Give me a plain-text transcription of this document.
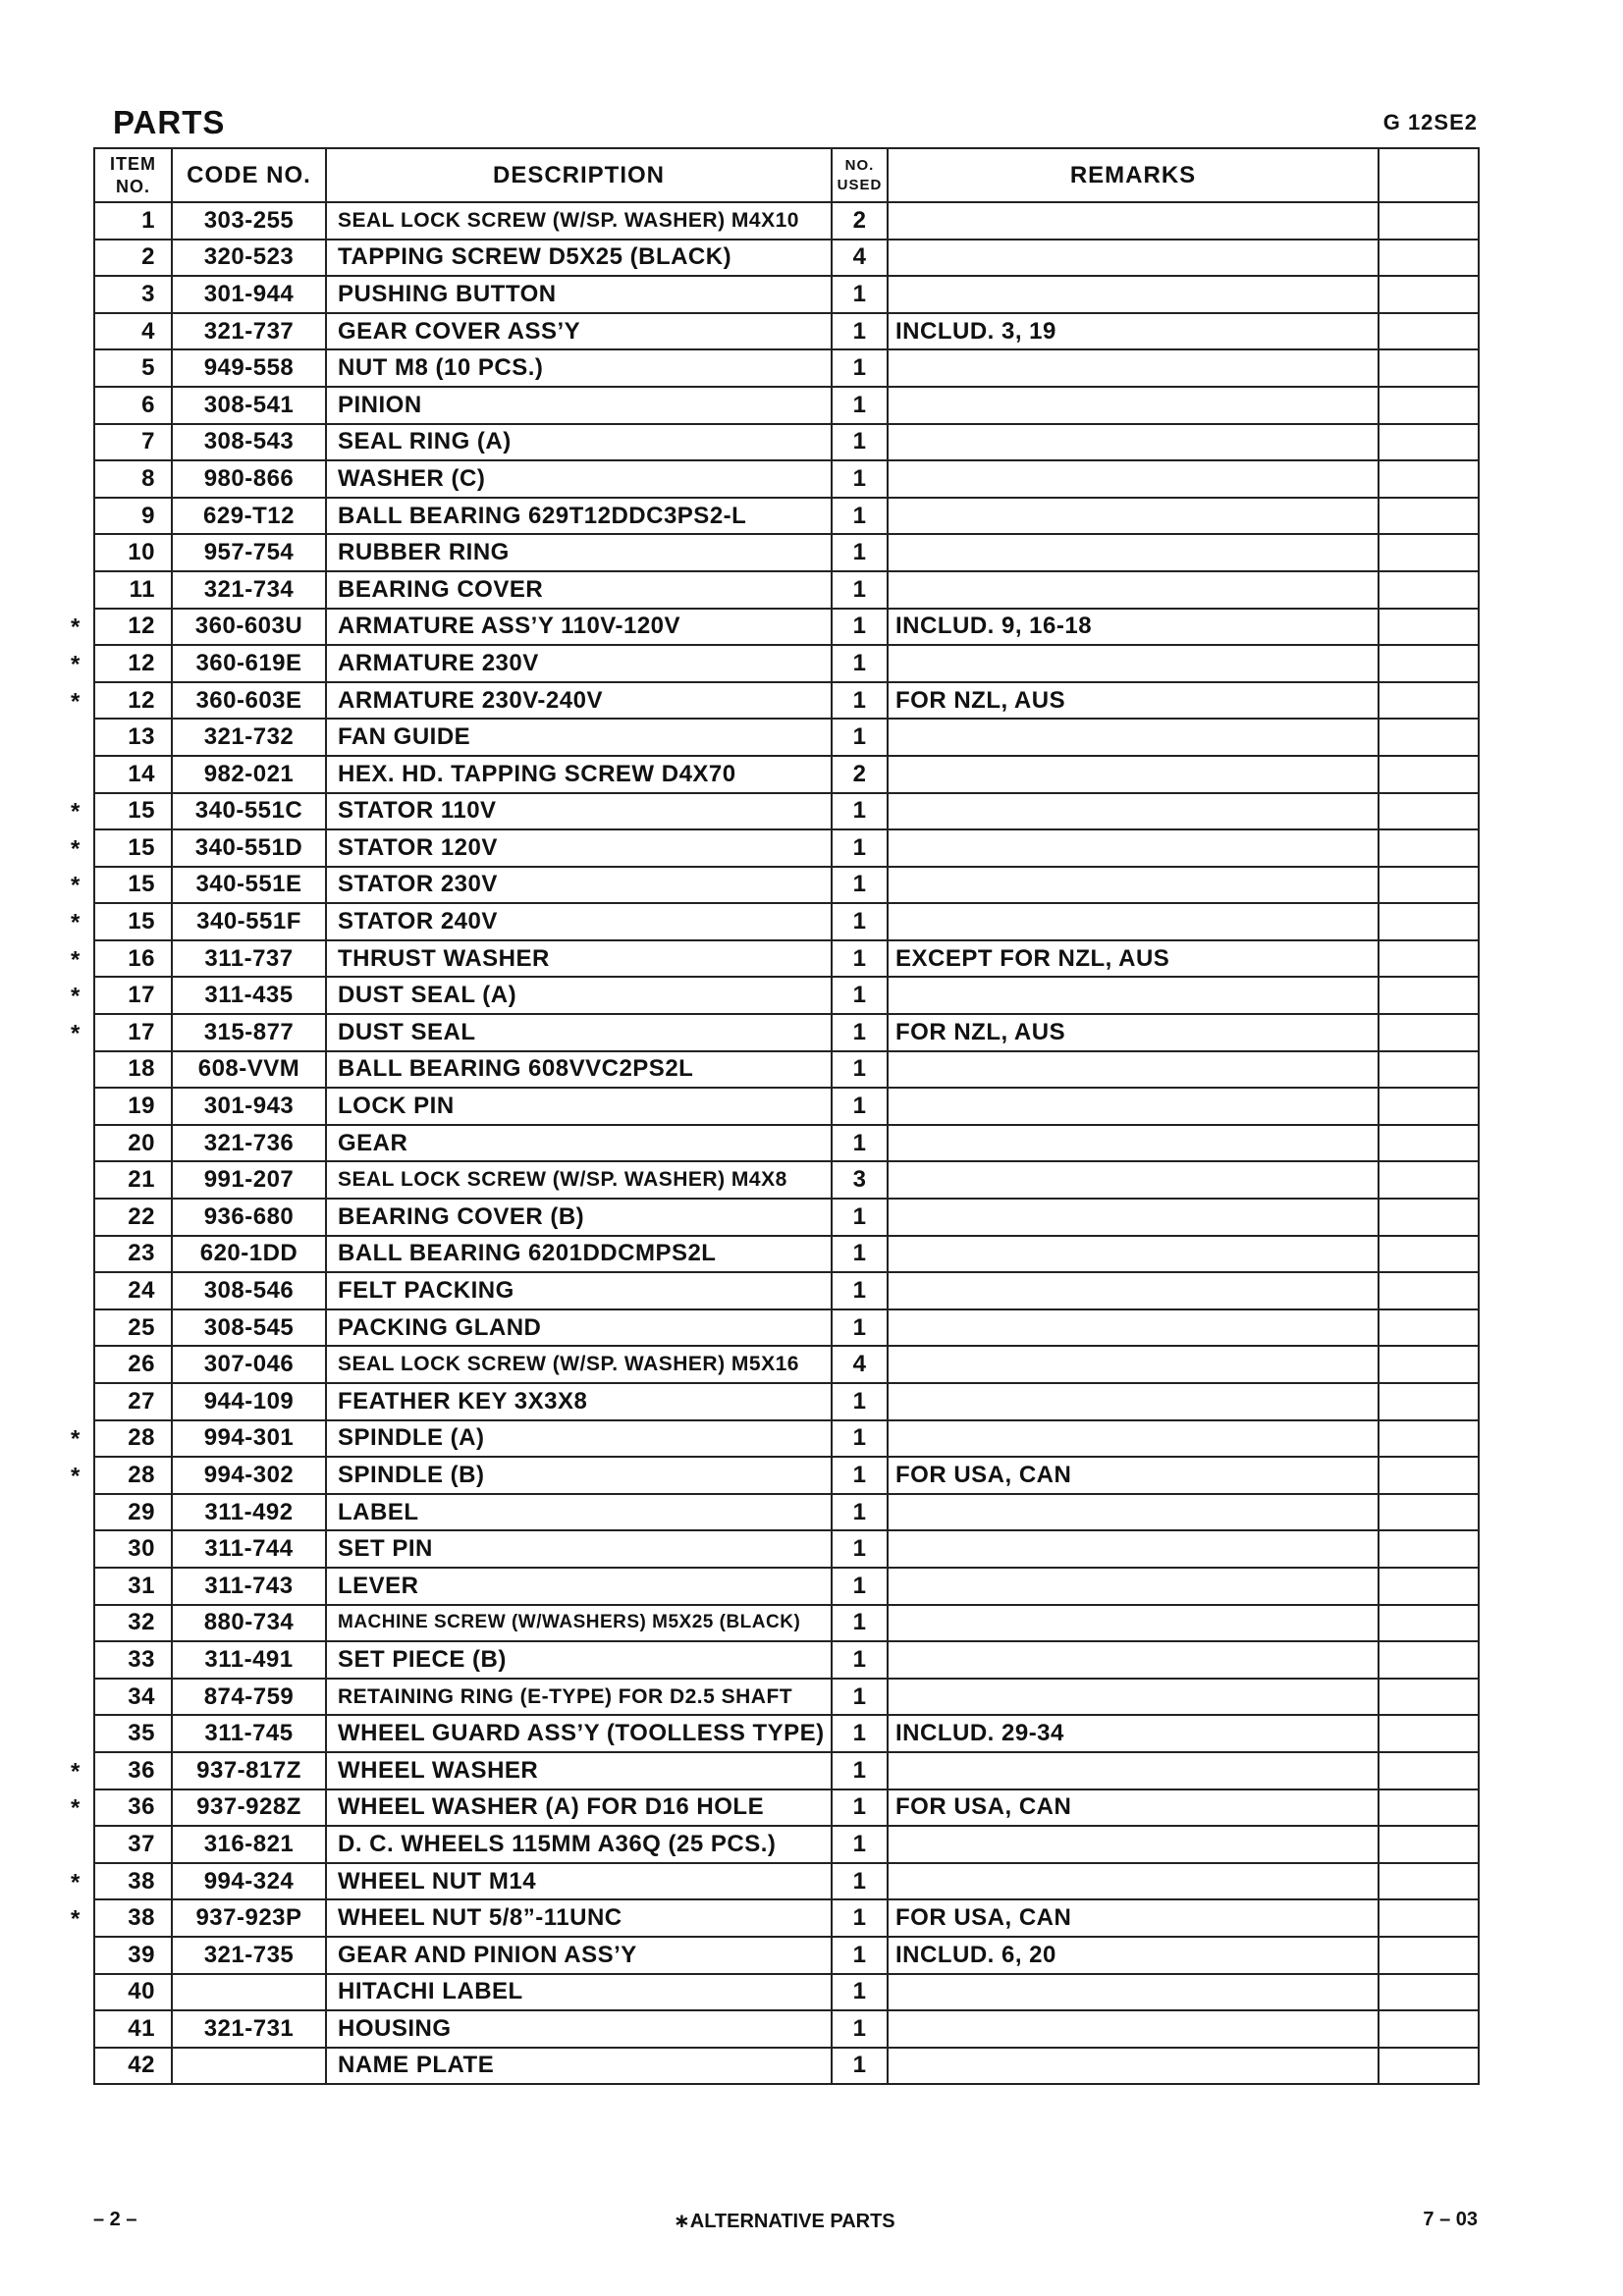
PARTS	G 12SE2
ITEM
NO.	CODE NO.	DESCRIPTION	NO.
USED	REMARKS	

1	303-255	SEAL LOCK SCREW (W/SP. WASHER) M4X10	2		

2	320-523	TAPPING SCREW D5X25 (BLACK)	4		

3	301-944	PUSHING BUTTON	1		

4	321-737	GEAR COVER ASS’Y	1	INCLUD. 3, 19	

5	949-558	NUT M8 (10 PCS.)	1		

6	308-541	PINION	1		

7	308-543	SEAL RING (A)	1		

8	980-866	WASHER (C)	1		

9	629-T12	BALL BEARING 629T12DDC3PS2-L	1		

10	957-754	RUBBER RING	1		

11	321-734	BEARING COVER	1		

* 12	360-603U	ARMATURE ASS’Y 110V-120V	1	INCLUD. 9, 16-18	

* 12	360-619E	ARMATURE 230V	1		

* 12	360-603E	ARMATURE 230V-240V	1	FOR NZL, AUS	

13	321-732	FAN GUIDE	1		

14	982-021	HEX. HD. TAPPING SCREW D4X70	2		

* 15	340-551C	STATOR 110V	1		

* 15	340-551D	STATOR 120V	1		

* 15	340-551E	STATOR 230V	1		

* 15	340-551F	STATOR 240V	1		

* 16	311-737	THRUST WASHER	1	EXCEPT FOR NZL, AUS	

* 17	311-435	DUST SEAL (A)	1		

* 17	315-877	DUST SEAL	1	FOR NZL, AUS	

18	608-VVM	BALL BEARING 608VVC2PS2L	1		

19	301-943	LOCK PIN	1		

20	321-736	GEAR	1		

21	991-207	SEAL LOCK SCREW (W/SP. WASHER) M4X8	3		

22	936-680	BEARING COVER (B)	1		

23	620-1DD	BALL BEARING 6201DDCMPS2L	1		

24	308-546	FELT PACKING	1		

25	308-545	PACKING GLAND	1		

26	307-046	SEAL LOCK SCREW (W/SP. WASHER) M5X16	4		

27	944-109	FEATHER KEY 3X3X8	1		

* 28	994-301	SPINDLE (A)	1		

* 28	994-302	SPINDLE (B)	1	FOR USA, CAN	

29	311-492	LABEL	1		

30	311-744	SET PIN	1		

31	311-743	LEVER	1		

32	880-734	MACHINE SCREW (W/WASHERS) M5X25 (BLACK)	1		

33	311-491	SET PIECE (B)	1		

34	874-759	RETAINING RING (E-TYPE) FOR D2.5 SHAFT	1		

35	311-745	WHEEL GUARD ASS’Y (TOOLLESS TYPE)	1	INCLUD. 29-34	

* 36	937-817Z	WHEEL WASHER	1		

* 36	937-928Z	WHEEL WASHER (A) FOR D16 HOLE	1	FOR USA, CAN	

37	316-821	D. C. WHEELS 115MM A36Q (25 PCS.)	1		

* 38	994-324	WHEEL NUT M14	1		

* 38	937-923P	WHEEL NUT 5/8”-11UNC	1	FOR USA, CAN	

39	321-735	GEAR AND PINION ASS’Y	1	INCLUD. 6, 20	

40		HITACHI LABEL	1		

41	321-731	HOUSING	1		

42		NAME PLATE	1		
– 2 –	∗ALTERNATIVE PARTS	7 – 03
